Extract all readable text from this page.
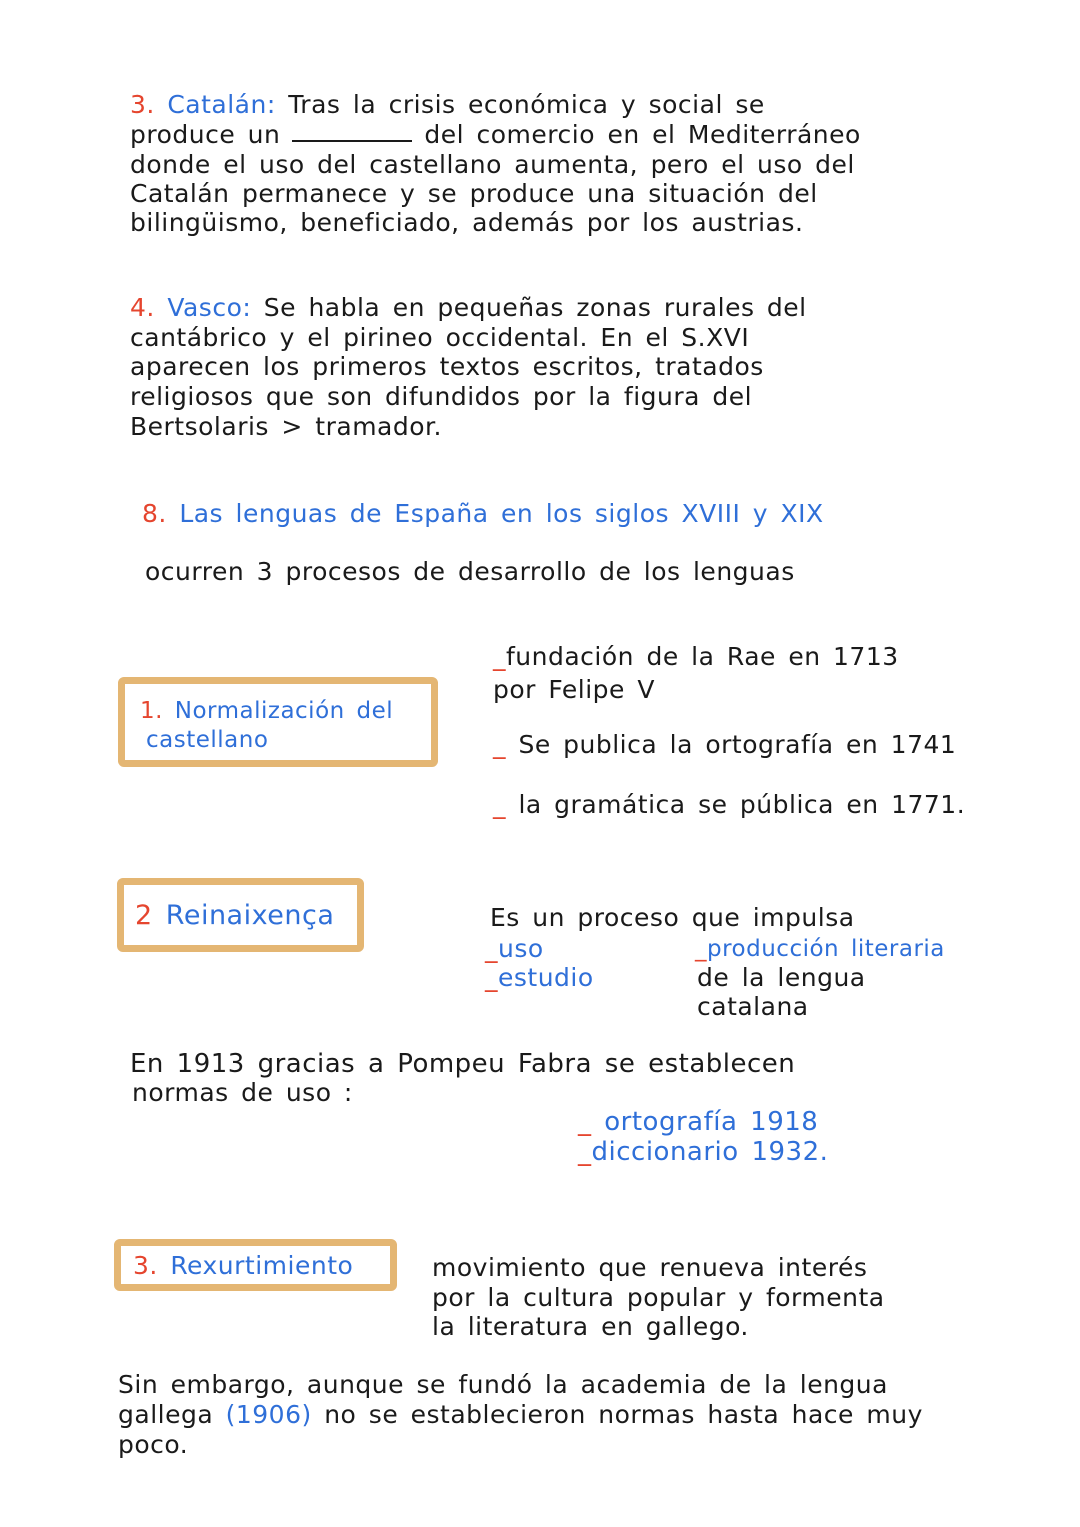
3. Catalán: Tras la crisis económica y social se
produce un	del comercio en el Mediterráneo
donde el uso del castellano aumenta, pero el uso del
Catalán permanece y se produce una situación del
bilingüismo, beneficiado, además por los austrias.
4. Vasco: Se habla en pequeñas zonas rurales del
cantábrico y el pirineo occidental. En el S.XVI
aparecen los primeros textos escritos, tratados
religiosos que son difundidos por la figura del
Bertsolaris > tramador.
8. Las lenguas de España en los siglos XVIII y XIX
ocurren 3 procesos de desarrollo de los lenguas
1. Normalización del
castellano
_fundación de la Rae en 1713
por Felipe V
_ Se publica la ortografía en 1741
_ la gramática se pública en 1771.
2 Reinaixença	Es un proceso que impulsa
_uso
_estudio
_producción literaria
de la lengua
catalana
En 1913 gracias a Pompeu Fabra se establecen
normas de uso :
_ ortografía 1918
_diccionario 1932.
3. Rexurtimiento	movimiento que renueva interés
por la cultura popular y formenta
la literatura en gallego.
Sin embargo, aunque se fundó la academia de la lengua
gallega (1906) no se establecieron normas hasta hace muy
poco.
